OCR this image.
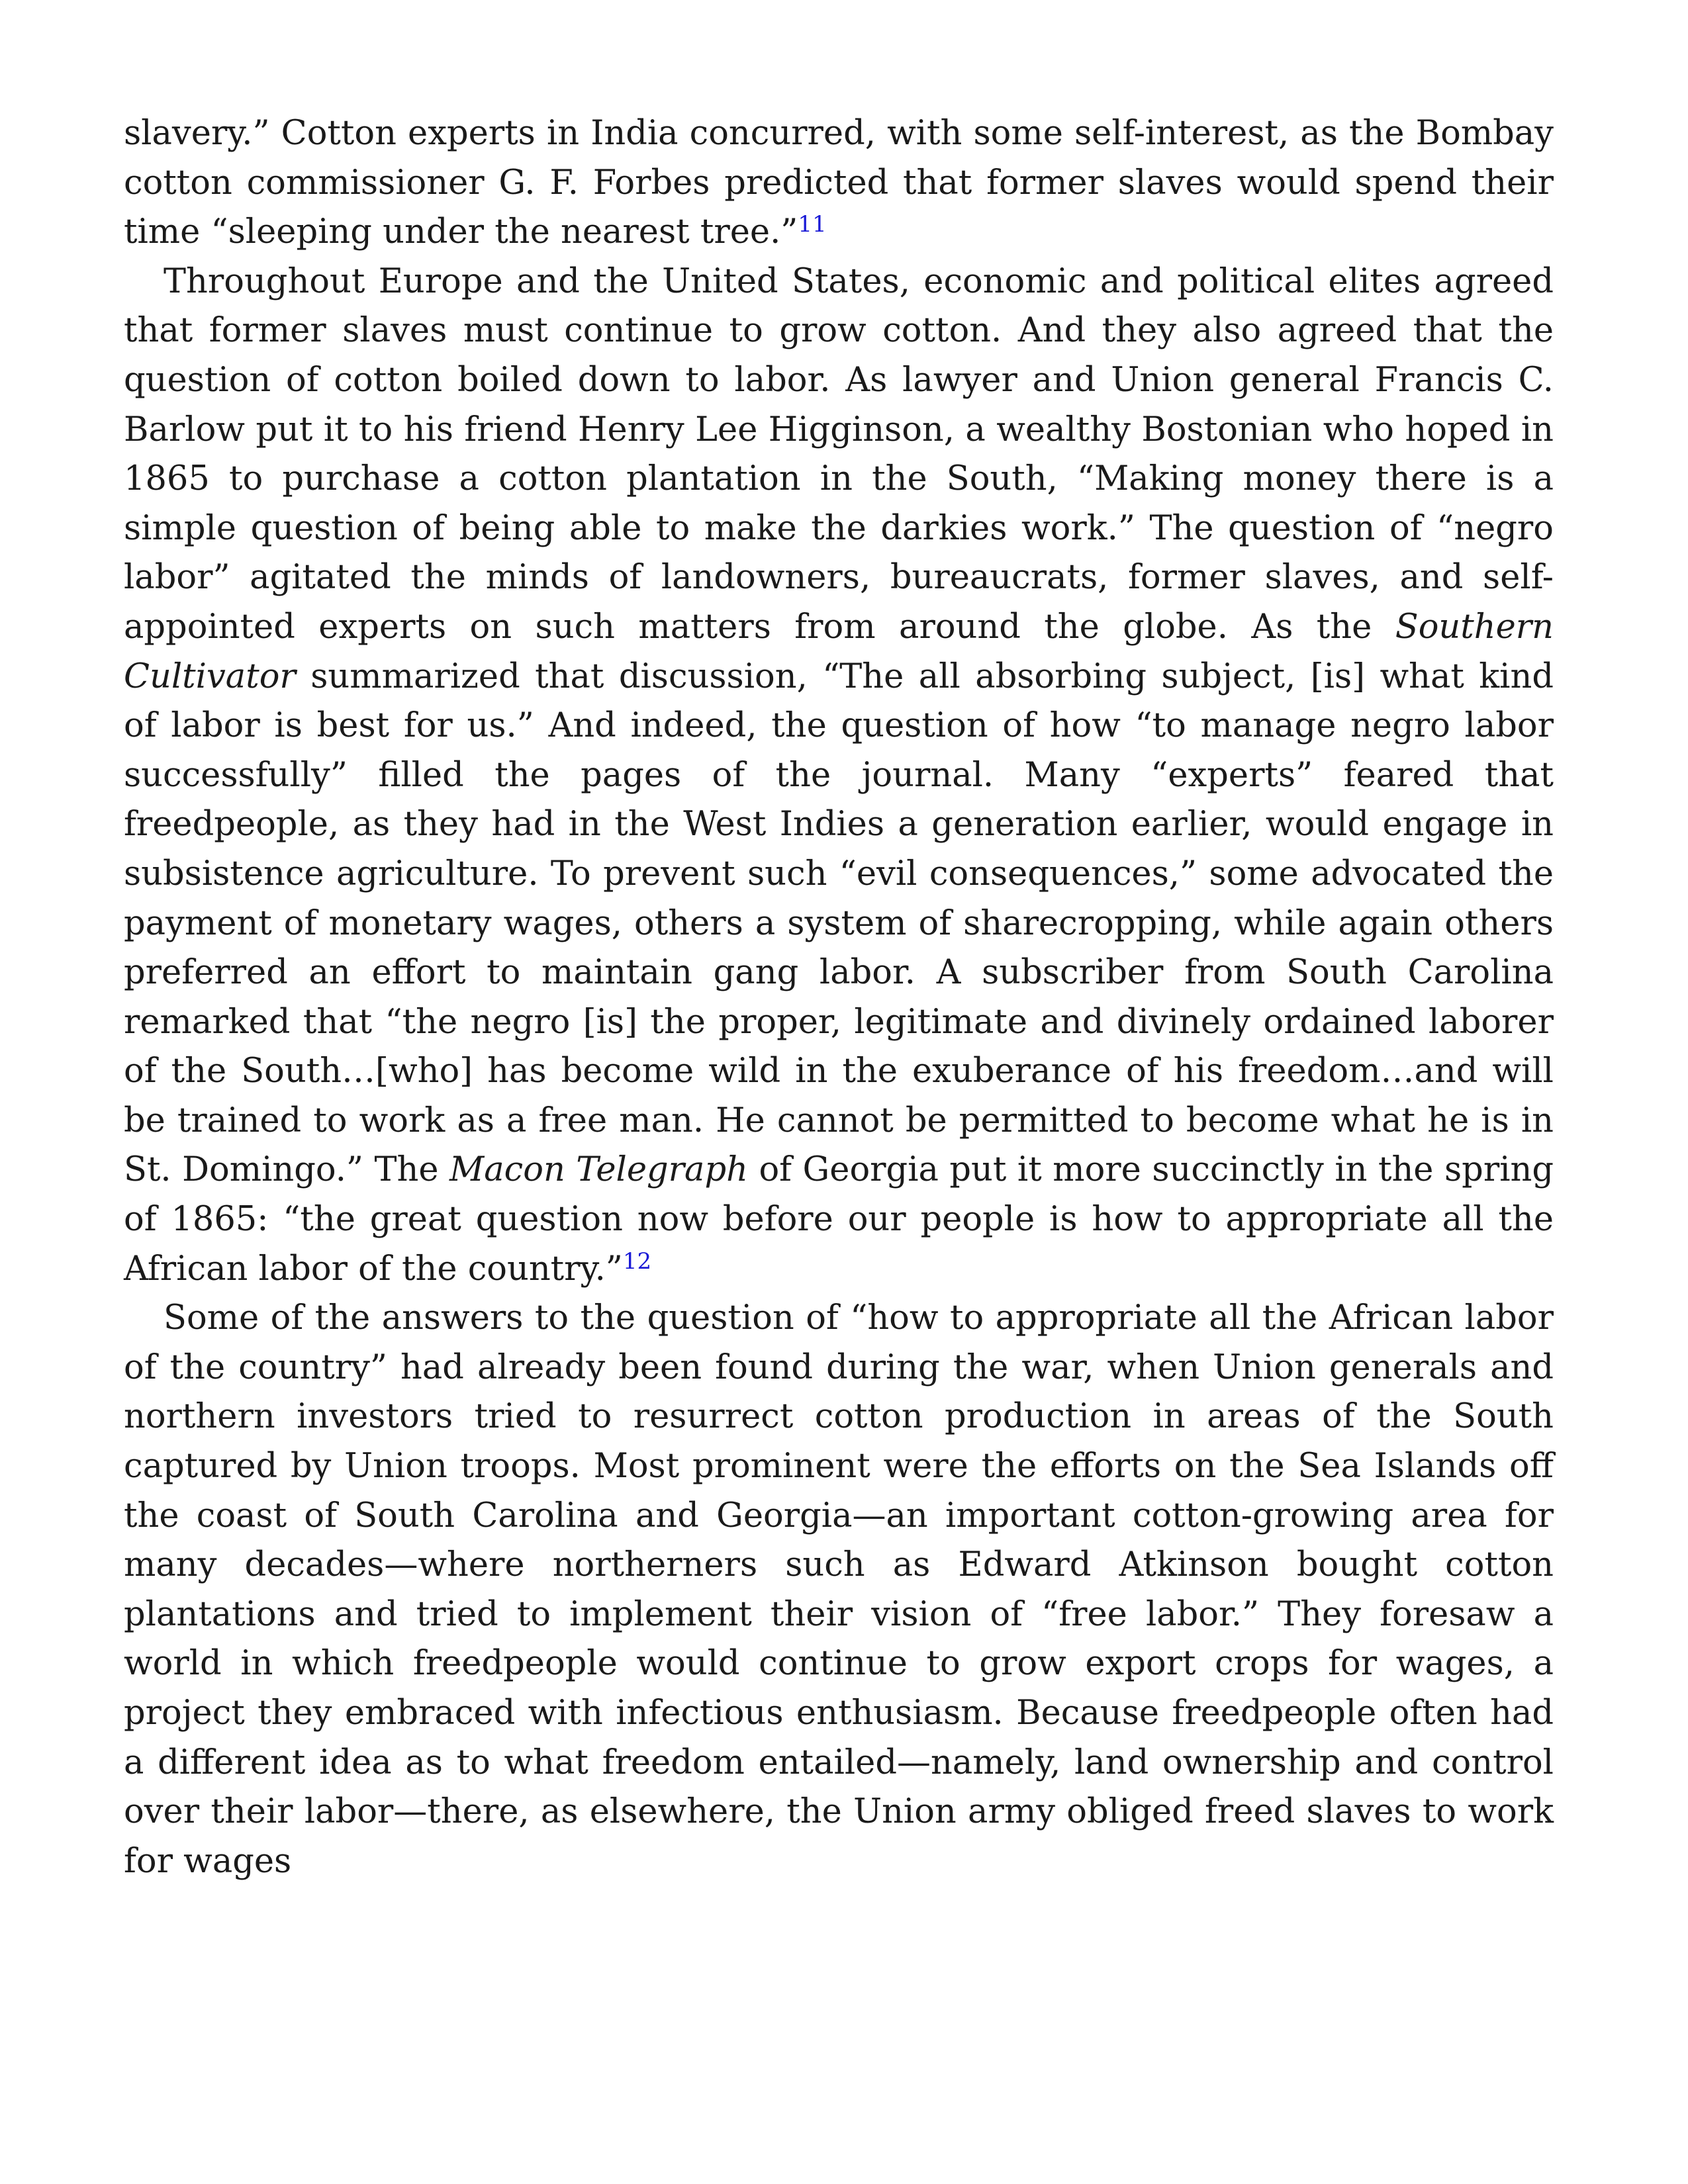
slavery.” Cotton experts in India concurred, with some self-interest, as the Bombay cotton commissioner G. F. Forbes predicted that former slaves would spend their time “sleeping under the nearest tree.”$^{11}$

Throughout Europe and the United States, economic and political elites agreed that former slaves must continue to grow cotton. And they also agreed that the question of cotton boiled down to labor. As lawyer and Union general Francis C. Barlow put it to his friend Henry Lee Higginson, a wealthy Bostonian who hoped in 1865 to purchase a cotton plantation in the South, “Making money there is a simple question of being able to make the darkies work.” The question of “negro labor” agitated the minds of landowners, bureaucrats, former slaves, and self-appointed experts on such matters from around the globe. As the Southern Cultivator summarized that discussion, “The all absorbing subject, [is] what kind of labor is best for us.” And indeed, the question of how “to manage negro labor successfully” filled the pages of the journal. Many “experts” feared that freedpeople, as they had in the West Indies a generation earlier, would engage in subsistence agriculture. To prevent such “evil consequences,” some advocated the payment of monetary wages, others a system of sharecropping, while again others preferred an effort to maintain gang labor. A subscriber from South Carolina remarked that “the negro [is] the proper, legitimate and divinely ordained laborer of the South…[who] has become wild in the exuberance of his freedom…and will be trained to work as a free man. He cannot be permitted to become what he is in St. Domingo.” The Macon Telegraph of Georgia put it more succinctly in the spring of 1865: “the great question now before our people is how to appropriate all the African labor of the country.”$^{12}$

Some of the answers to the question of “how to appropriate all the African labor of the country” had already been found during the war, when Union generals and northern investors tried to resurrect cotton production in areas of the South captured by Union troops. Most prominent were the efforts on the Sea Islands off the coast of South Carolina and Georgia—an important cotton-growing area for many decades—where northerners such as Edward Atkinson bought cotton plantations and tried to implement their vision of “free labor.” They foresaw a world in which freedpeople would continue to grow export crops for wages, a project they embraced with infectious enthusiasm. Because freedpeople often had a different idea as to what freedom entailed—namely, land ownership and control over their labor—there, as elsewhere, the Union army obliged freed slaves to work for wages
